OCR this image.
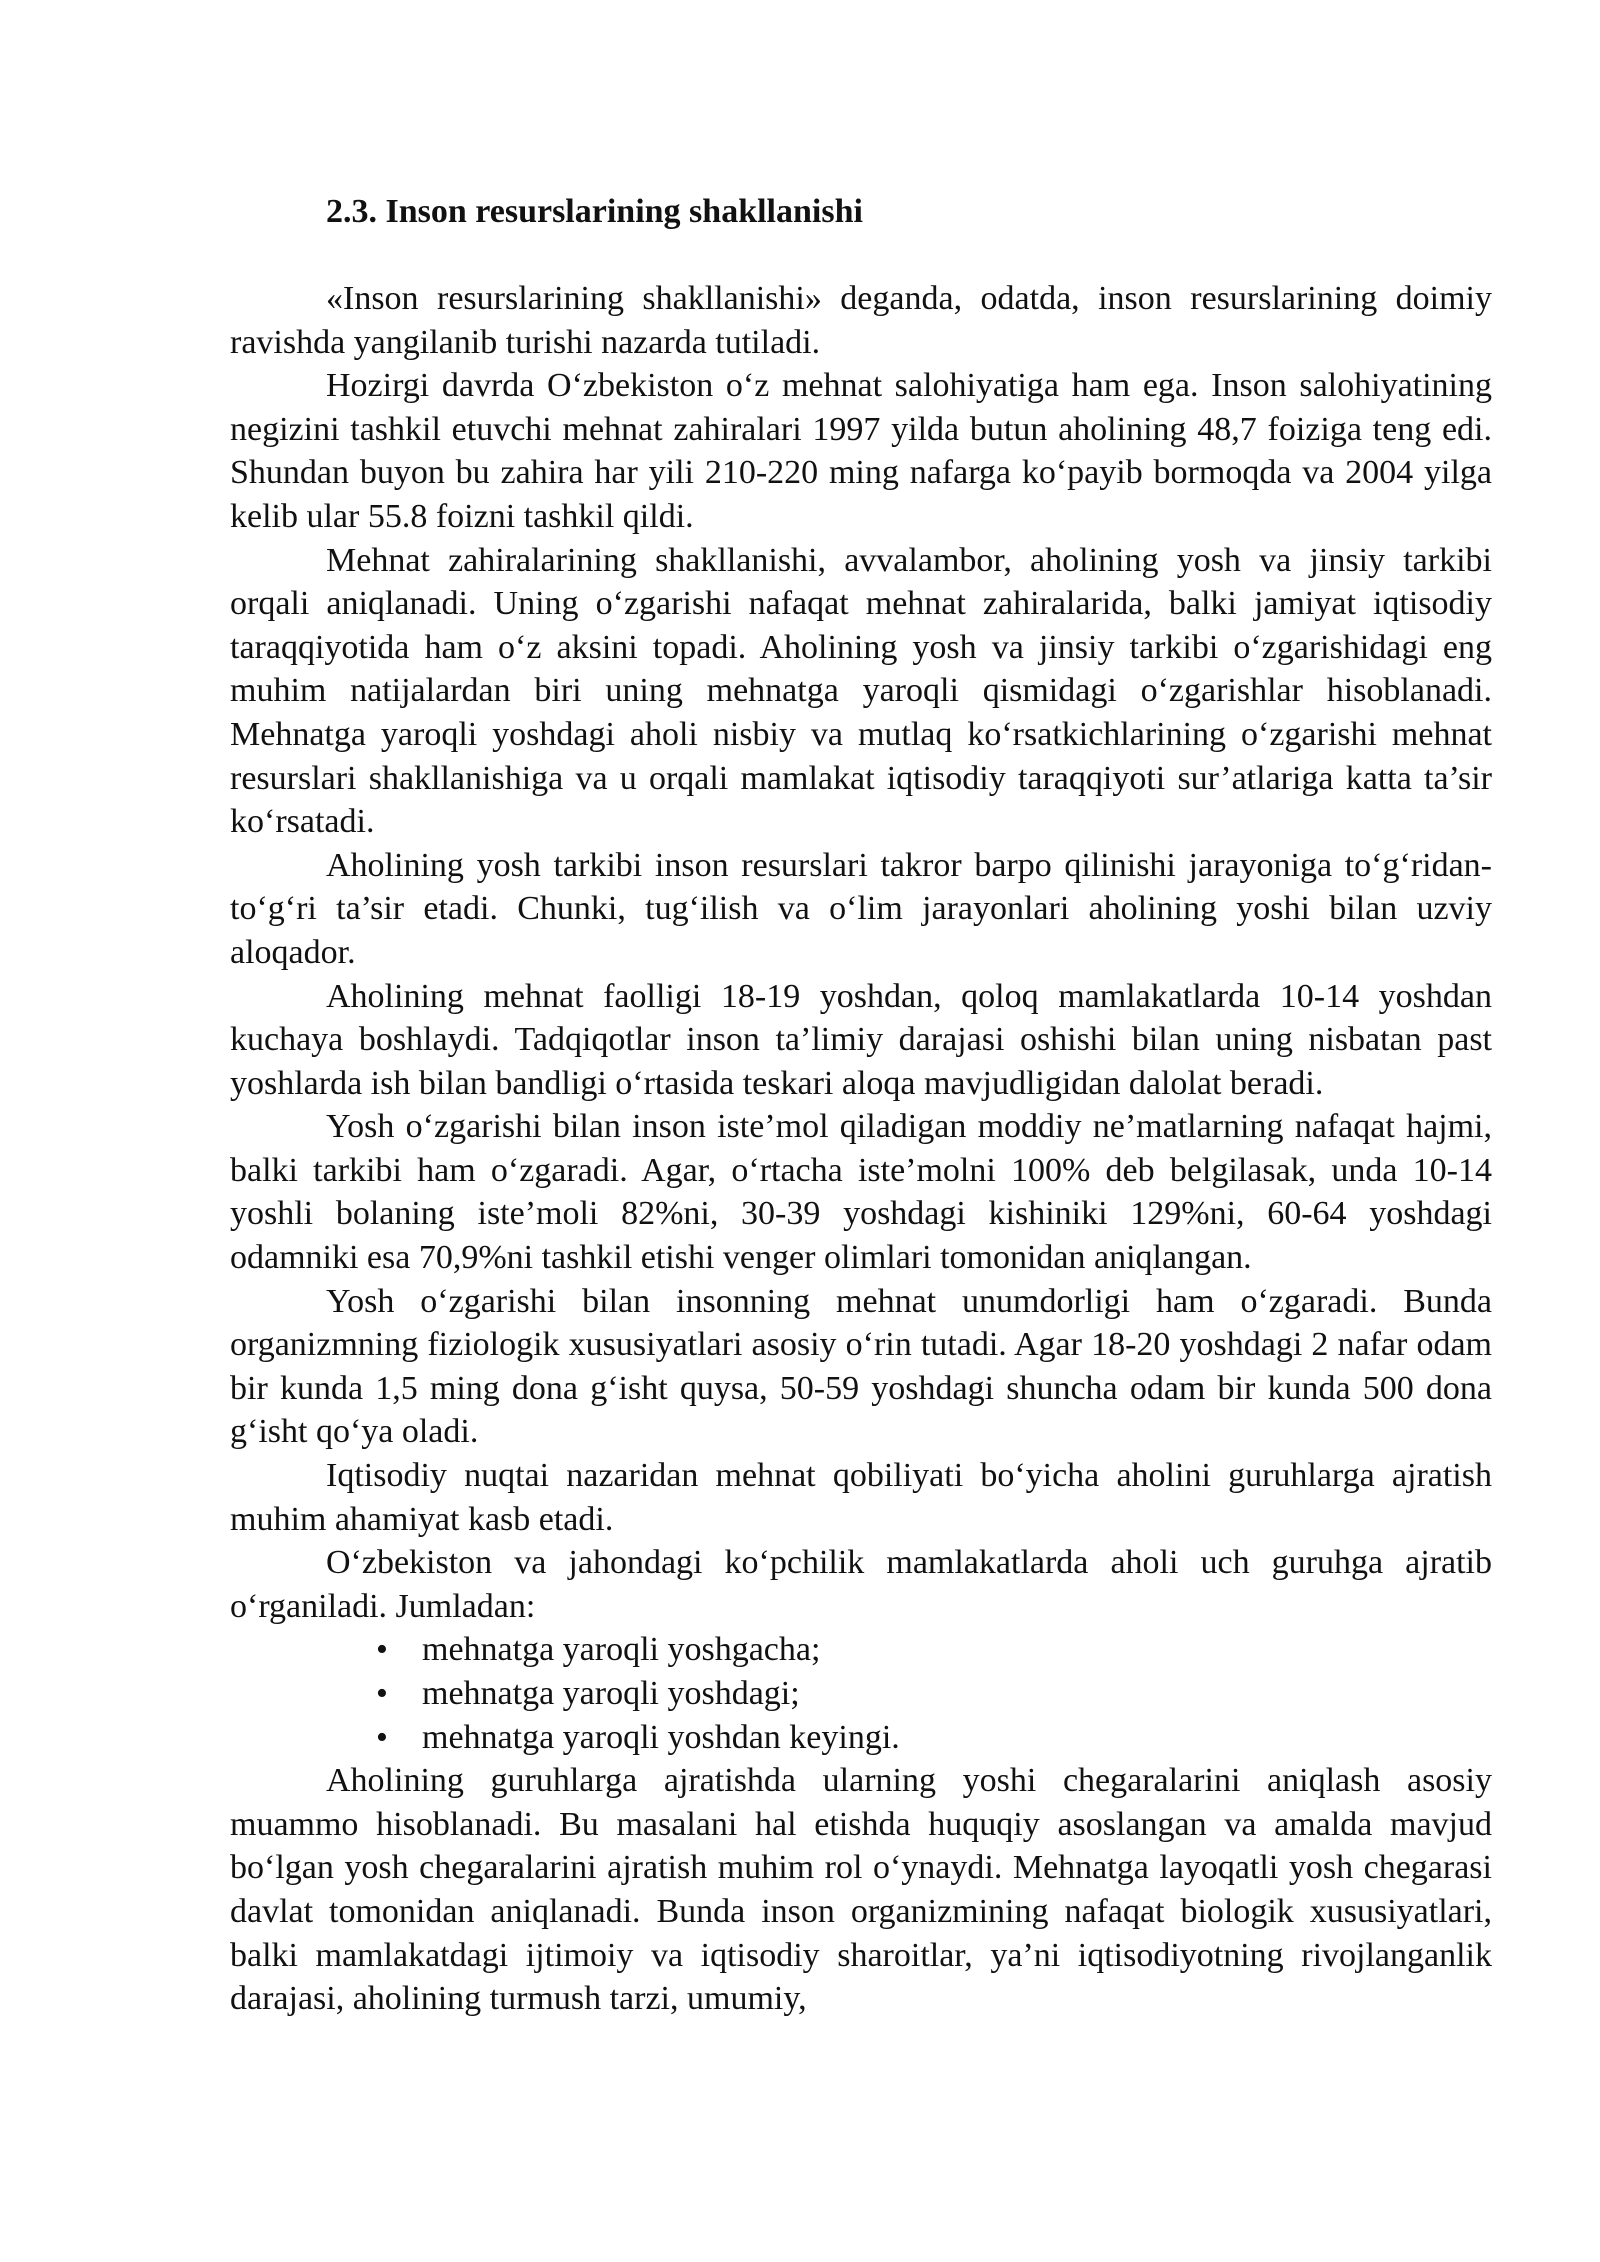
2.3. Inson resurslarining shakllanishi

«Inson resurslarining shakllanishi» deganda, odatda, inson resurslarining doimiy ravishda yangilanib turishi nazarda tutiladi.

Hozirgi davrda O‘zbekiston o‘z mehnat salohiyatiga ham ega. Inson salohiyatining negizini tashkil etuvchi mehnat zahiralari 1997 yilda butun aholining 48,7 foiziga teng edi. Shundan buyon bu zahira har yili 210-220 ming nafarga ko‘payib bormoqda va 2004 yilga kelib ular 55.8 foizni tashkil qildi.

Mehnat zahiralarining shakllanishi, avvalambor, aholining yosh va jinsiy tarkibi orqali aniqlanadi. Uning o‘zgarishi nafaqat mehnat zahiralarida, balki jamiyat iqtisodiy taraqqiyotida ham o‘z aksini topadi. Aholining yosh va jinsiy tarkibi o‘zgarishidagi eng muhim natijalardan biri uning mehnatga yaroqli qismidagi o‘zgarishlar hisoblanadi. Mehnatga yaroqli yoshdagi aholi nisbiy va mutlaq ko‘rsatkichlarining o‘zgarishi mehnat resurslari shakllanishiga va u orqali mamlakat iqtisodiy taraqqiyoti sur’atlariga katta ta’sir ko‘rsatadi.

Aholining yosh tarkibi inson resurslari takror barpo qilinishi jarayoniga to‘g‘ridan-to‘g‘ri ta’sir etadi. Chunki, tug‘ilish va o‘lim jarayonlari aholining yoshi bilan uzviy aloqador.

Aholining mehnat faolligi 18-19 yoshdan, qoloq mamlakatlarda 10-14 yoshdan kuchaya boshlaydi. Tadqiqotlar inson ta’limiy darajasi oshishi bilan uning nisbatan past yoshlarda ish bilan bandligi o‘rtasida teskari aloqa mavjudligidan dalolat beradi.

Yosh o‘zgarishi bilan inson iste’mol qiladigan moddiy ne’matlarning nafaqat hajmi, balki tarkibi ham o‘zgaradi. Agar, o‘rtacha iste’molni 100% deb belgilasak, unda 10-14 yoshli bolaning iste’moli 82%ni, 30-39 yoshdagi kishiniki 129%ni, 60-64 yoshdagi odamniki esa 70,9%ni tashkil etishi venger olimlari tomonidan aniqlangan.

Yosh o‘zgarishi bilan insonning mehnat unumdorligi ham o‘zgaradi. Bunda organizmning fiziologik xususiyatlari asosiy o‘rin tutadi. Agar 18-20 yoshdagi 2 nafar odam bir kunda 1,5 ming dona g‘isht quysa, 50-59 yoshdagi shuncha odam bir kunda 500 dona g‘isht qo‘ya oladi.

Iqtisodiy nuqtai nazaridan mehnat qobiliyati bo‘yicha aholini guruhlarga ajratish muhim ahamiyat kasb etadi.

O‘zbekiston va jahondagi ko‘pchilik mamlakatlarda aholi uch guruhga ajratib o‘rganiladi. Jumladan:

• mehnatga yaroqli yoshgacha;
• mehnatga yaroqli yoshdagi;
• mehnatga yaroqli yoshdan keyingi.

Aholining guruhlarga ajratishda ularning yoshi chegaralarini aniqlash asosiy muammo hisoblanadi. Bu masalani hal etishda huquqiy asoslangan va amalda mavjud bo‘lgan yosh chegaralarini ajratish muhim rol o‘ynaydi. Mehnatga layoqatli yosh chegarasi davlat tomonidan aniqlanadi. Bunda inson organizmining nafaqat biologik xususiyatlari, balki mamlakatdagi ijtimoiy va iqtisodiy sharoitlar, ya’ni iqtisodiyotning rivojlanganlik darajasi, aholining turmush tarzi, umumiy,
